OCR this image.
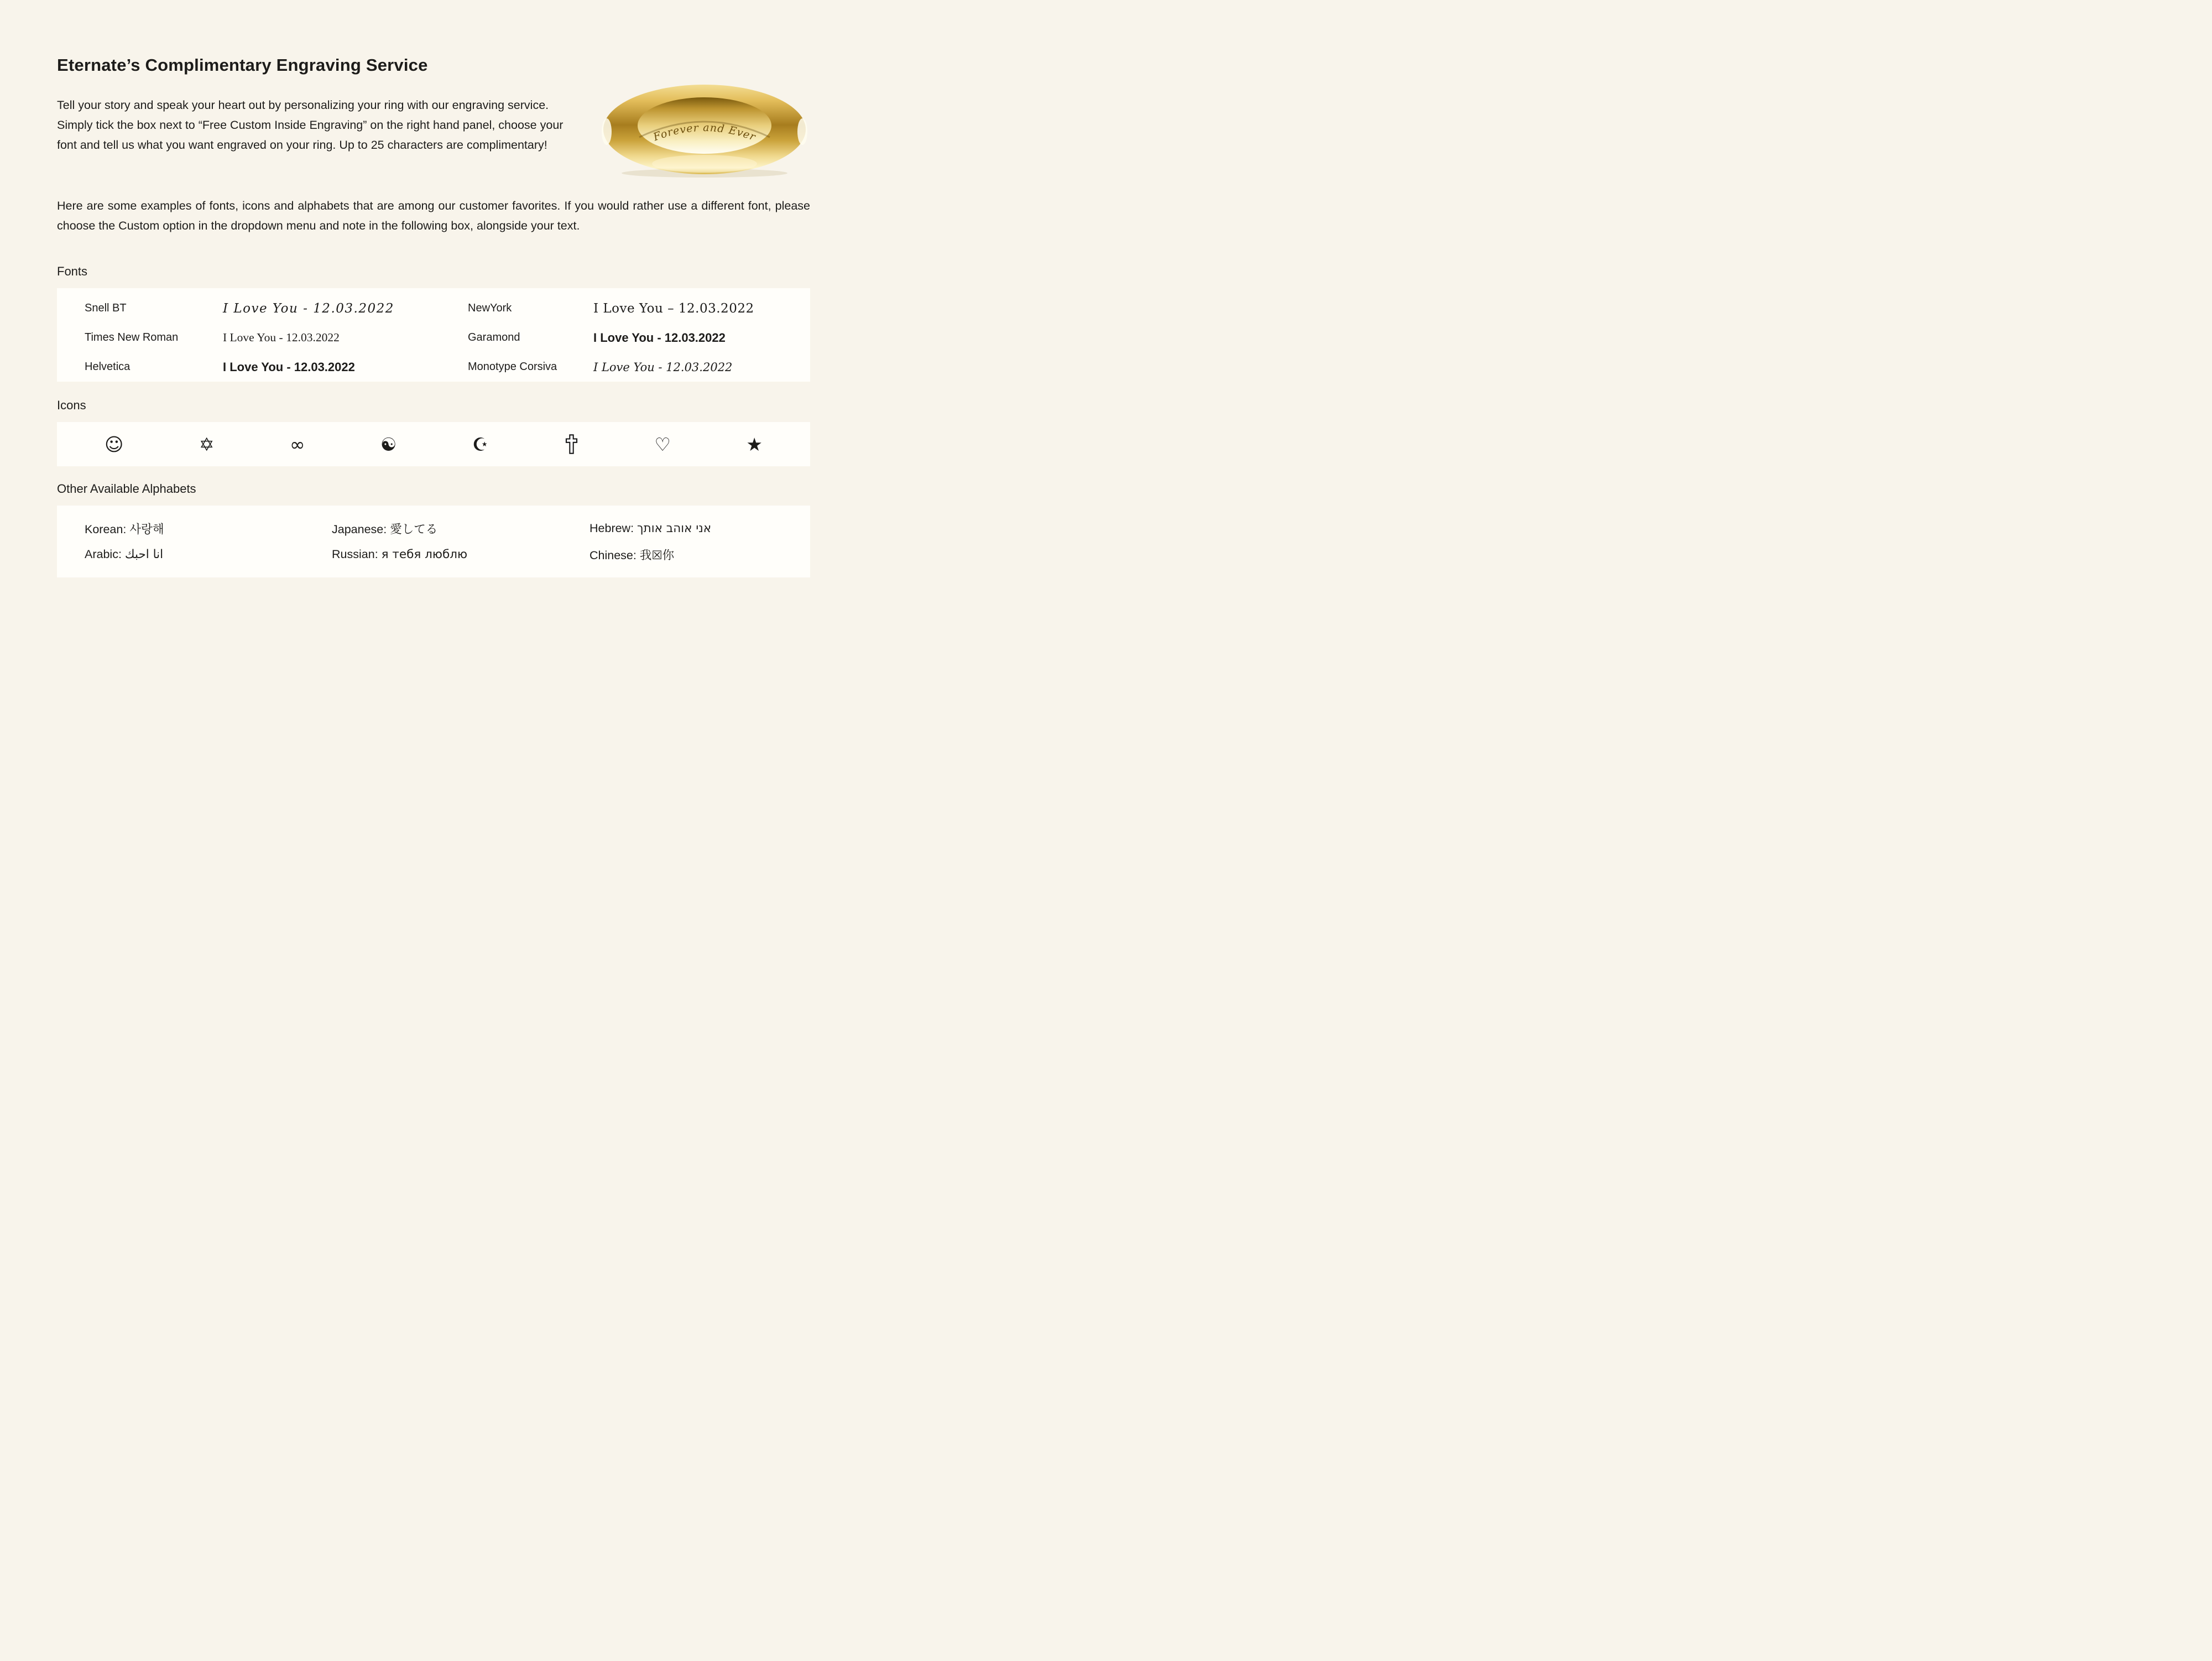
Eternate’s Complimentary Engraving Service

Tell your story and speak your heart out by personalizing your ring with our engraving service. Simply tick the box next to “Free Custom Inside Engraving” on the right hand panel, choose your font and tell us what you want engraved on your ring. Up to 25 characters are complimentary!

Forever and Ever

Here are some examples of fonts, icons and alphabets that are among our customer favorites. If you would rather use a different font, please choose the Custom option in the dropdown menu and note in the following box, alongside your text.

Fonts

Snell BT	I Love You - 12.03.2022	NewYork	I Love You – 12.03.2022
Times New Roman	I Love You - 12.03.2022	Garamond	I Love You - 12.03.2022
Helvetica	I Love You - 12.03.2022	Monotype Corsiva	I Love You - 12.03.2022

Icons

☺	✡	∞	☯	☪	♡	★

Other Available Alphabets

Korean : 사랑해	Japanese : 愛してる	Hebrew : אני אוהב אותך
Arabic : انا احبك	Russian : я тебя люблю	Chinese : 我☒你
